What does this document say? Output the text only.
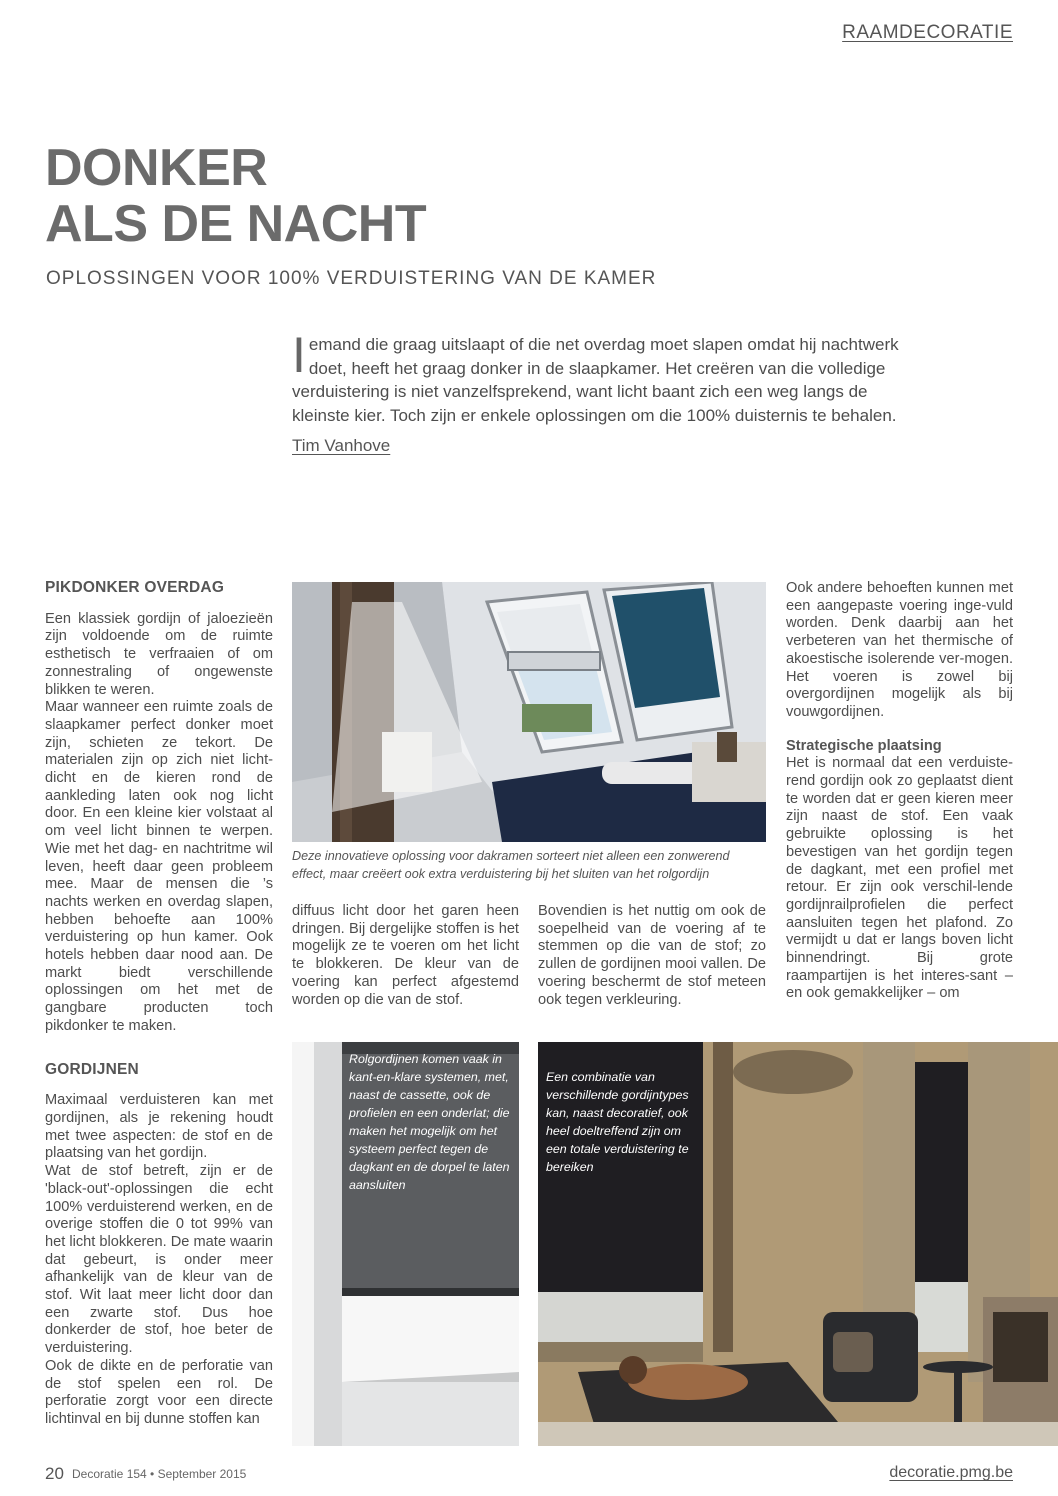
RAAMDECORATIE
DONKER
ALS DE NACHT
OPLOSSINGEN VOOR 100% VERDUISTERING VAN DE KAMER
Iemand die graag uitslaapt of die net overdag moet slapen omdat hij nachtwerk doet, heeft het graag donker in de slaapkamer. Het creëren van die volledige verduistering is niet vanzelfsprekend, want licht baant zich een weg langs de kleinste kier. Toch zijn er enkele oplossingen om die 100% duisternis te behalen.
Tim Vanhove
PIKDONKER OVERDAG

Een klassiek gordijn of jaloezieën zijn voldoende om de ruimte esthetisch te verfraaien of om zonnestraling of ongewenste blikken te weren.

Maar wanneer een ruimte zoals de slaapkamer perfect donker moet zijn, schieten ze tekort. De materialen zijn op zich niet licht-dicht en de kieren rond de aankleding laten ook nog licht door. En een kleine kier volstaat al om veel licht binnen te werpen. Wie met het dag- en nachtritme wil leven, heeft daar geen probleem mee. Maar de mensen die ’s nachts werken en overdag slapen, hebben behoefte aan 100% verduistering op hun kamer. Ook hotels hebben daar nood aan. De markt biedt verschillende oplossingen om het met de gangbare producten toch pikdonker te maken.

GORDIJNEN

Maximaal verduisteren kan met gordijnen, als je rekening houdt met twee aspecten: de stof en de plaatsing van het gordijn.

Wat de stof betreft, zijn er de 'black-out'-oplossingen die echt 100% verduisterend werken, en de overige stoffen die 0 tot 99% van het licht blokkeren. De mate waarin dat gebeurt, is onder meer afhankelijk van de kleur van de stof. Wit laat meer licht door dan een zwarte stof. Dus hoe donkerder de stof, hoe beter de verduistering.

Ook de dikte en de perforatie van de stof spelen een rol. De perforatie zorgt voor een directe lichtinval en bij dunne stoffen kan

Deze innovatieve oplossing voor dakramen sorteert niet alleen een zonwerend effect, maar creëert ook extra verduistering bij het sluiten van het rolgordijn

diffuus licht door het garen heen dringen. Bij dergelijke stoffen is het mogelijk ze te voeren om het licht te blokkeren. De kleur van de voering kan perfect afgestemd worden op die van de stof.

Bovendien is het nuttig om ook de soepelheid van de voering af te stemmen op die van de stof; zo zullen de gordijnen mooi vallen. De voering beschermt de stof meteen ook tegen verkleuring.

Ook andere behoeften kunnen met een aangepaste voering inge-vuld worden. Denk daarbij aan het verbeteren van het thermische of akoestische isolerende ver-mogen. Het voeren is zowel bij overgordijnen mogelijk als bij vouwgordijnen.

Strategische plaatsing

Het is normaal dat een verduiste-rend gordijn ook zo geplaatst dient te worden dat er geen kieren meer zijn naast de stof. Een vaak gebruikte oplossing is het bevestigen van het gordijn tegen de dagkant, met een profiel met retour. Er zijn ook verschil-lende gordijnrailprofielen die perfect aansluiten tegen het plafond. Zo vermijdt u dat er langs boven licht binnendringt. Bij grote raampartijen is het interes-sant – en ook gemakkelijker – om

Rolgordijnen komen vaak in kant-en-klare systemen, met, naast de cassette, ook de profielen en een onderlat; die maken het mogelijk om het systeem perfect tegen de dagkant en de dorpel te laten aansluiten
Een combinatie van verschillende gordijntypes kan, naast decoratief, ook heel doeltreffend zijn om een totale verduistering te bereiken
20 Decoratie 154 • September 2015	decoratie.pmg.be
